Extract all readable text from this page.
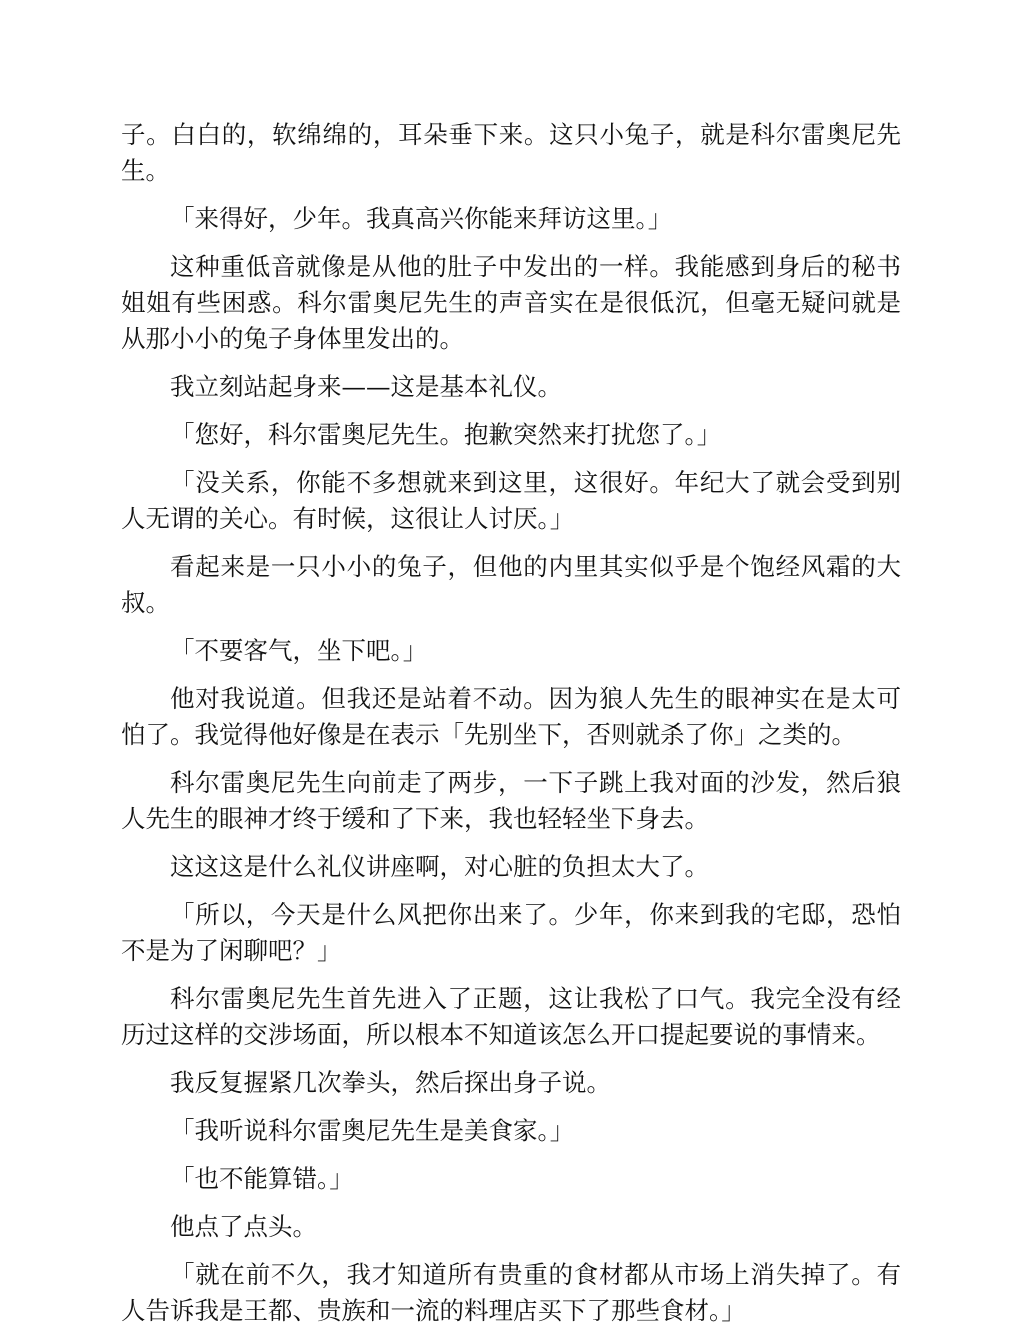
子。白白的，软绵绵的，耳朵垂下来。这只小兔子，就是科尔雷奥尼先生。

「来得好，少年。我真高兴你能来拜访这里。」

这种重低音就像是从他的肚子中发出的一样。我能感到身后的秘书姐姐有些困惑。科尔雷奥尼先生的声音实在是很低沉，但毫无疑问就是从那小小的兔子身体里发出的。

我立刻站起身来——这是基本礼仪。

「您好，科尔雷奥尼先生。抱歉突然来打扰您了。」

「没关系，你能不多想就来到这里，这很好。年纪大了就会受到别人无谓的关心。有时候，这很让人讨厌。」

看起来是一只小小的兔子，但他的内里其实似乎是个饱经风霜的大叔。

「不要客气，坐下吧。」

他对我说道。但我还是站着不动。因为狼人先生的眼神实在是太可怕了。我觉得他好像是在表示「先别坐下，否则就杀了你」之类的。

科尔雷奥尼先生向前走了两步，一下子跳上我对面的沙发，然后狼人先生的眼神才终于缓和了下来，我也轻轻坐下身去。

这这这是什么礼仪讲座啊，对心脏的负担太大了。

「所以，今天是什么风把你出来了。少年，你来到我的宅邸，恐怕不是为了闲聊吧？」

科尔雷奥尼先生首先进入了正题，这让我松了口气。我完全没有经历过这样的交涉场面，所以根本不知道该怎么开口提起要说的事情来。

我反复握紧几次拳头，然后探出身子说。

「我听说科尔雷奥尼先生是美食家。」

「也不能算错。」

他点了点头。

「就在前不久，我才知道所有贵重的食材都从市场上消失掉了。有人告诉我是王都、贵族和一流的料理店买下了那些食材。」
